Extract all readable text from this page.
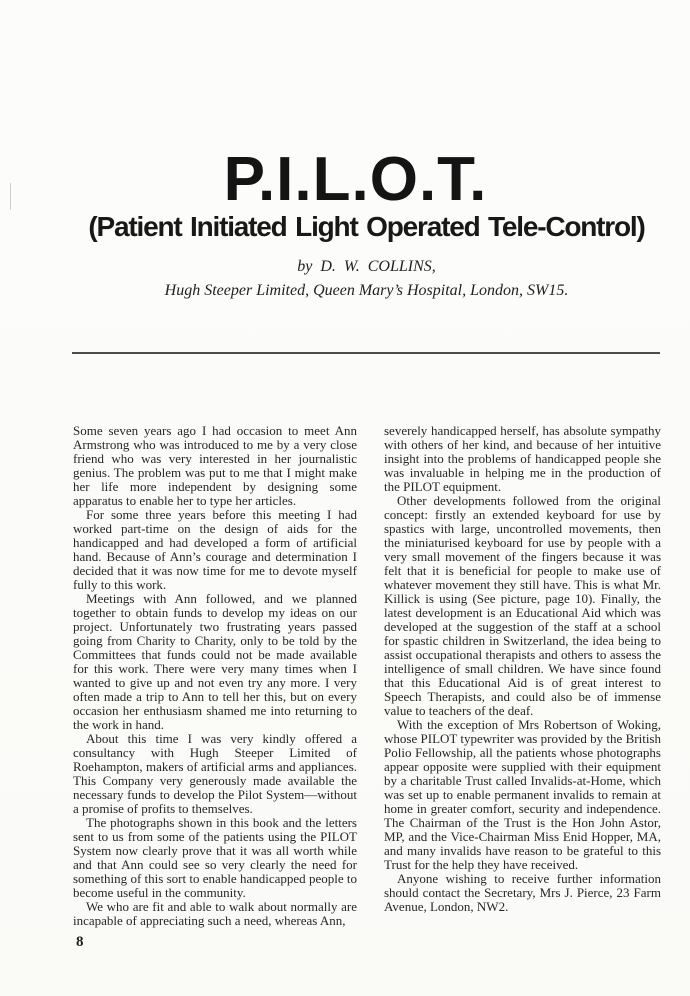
P.I.L.O.T.
(Patient Initiated Light Operated Tele-Control)
by D. W. COLLINS,
Hugh Steeper Limited, Queen Mary’s Hospital, London, SW15.

Some seven years ago I had occasion to meet Ann Armstrong who was introduced to me by a very close friend who was very interested in her journalistic genius. The problem was put to me that I might make her life more independent by designing some apparatus to enable her to type her articles.

For some three years before this meeting I had worked part-time on the design of aids for the handicapped and had developed a form of artificial hand. Because of Ann’s courage and determination I decided that it was now time for me to devote myself fully to this work.

Meetings with Ann followed, and we planned together to obtain funds to develop my ideas on our project. Unfortunately two frustrating years passed going from Charity to Charity, only to be told by the Committees that funds could not be made available for this work. There were very many times when I wanted to give up and not even try any more. I very often made a trip to Ann to tell her this, but on every occasion her enthusiasm shamed me into returning to the work in hand.

About this time I was very kindly offered a consultancy with Hugh Steeper Limited of Roehampton, makers of artificial arms and appliances. This Company very generously made available the necessary funds to develop the Pilot System—without a promise of profits to themselves.

The photographs shown in this book and the letters sent to us from some of the patients using the PILOT System now clearly prove that it was all worth while and that Ann could see so very clearly the need for something of this sort to enable handicapped people to become useful in the community.

We who are fit and able to walk about normally are incapable of appreciating such a need, whereas Ann,

severely handicapped herself, has absolute sympathy with others of her kind, and because of her intuitive insight into the problems of handicapped people she was invaluable in helping me in the production of the PILOT equipment.

Other developments followed from the original concept: firstly an extended keyboard for use by spastics with large, uncontrolled movements, then the miniaturised keyboard for use by people with a very small movement of the fingers because it was felt that it is beneficial for people to make use of whatever movement they still have. This is what Mr. Killick is using (See picture, page 10). Finally, the latest development is an Educational Aid which was developed at the suggestion of the staff at a school for spastic children in Switzerland, the idea being to assist occupational therapists and others to assess the intelligence of small children. We have since found that this Educational Aid is of great interest to Speech Therapists, and could also be of immense value to teachers of the deaf.

With the exception of Mrs Robertson of Woking, whose PILOT typewriter was provided by the British Polio Fellowship, all the patients whose photographs appear opposite were supplied with their equipment by a charitable Trust called Invalids-at-Home, which was set up to enable permanent invalids to remain at home in greater comfort, security and independence. The Chairman of the Trust is the Hon John Astor, MP, and the Vice-Chairman Miss Enid Hopper, MA, and many invalids have reason to be grateful to this Trust for the help they have received.

Anyone wishing to receive further information should contact the Secretary, Mrs J. Pierce, 23 Farm Avenue, London, NW2.

8
